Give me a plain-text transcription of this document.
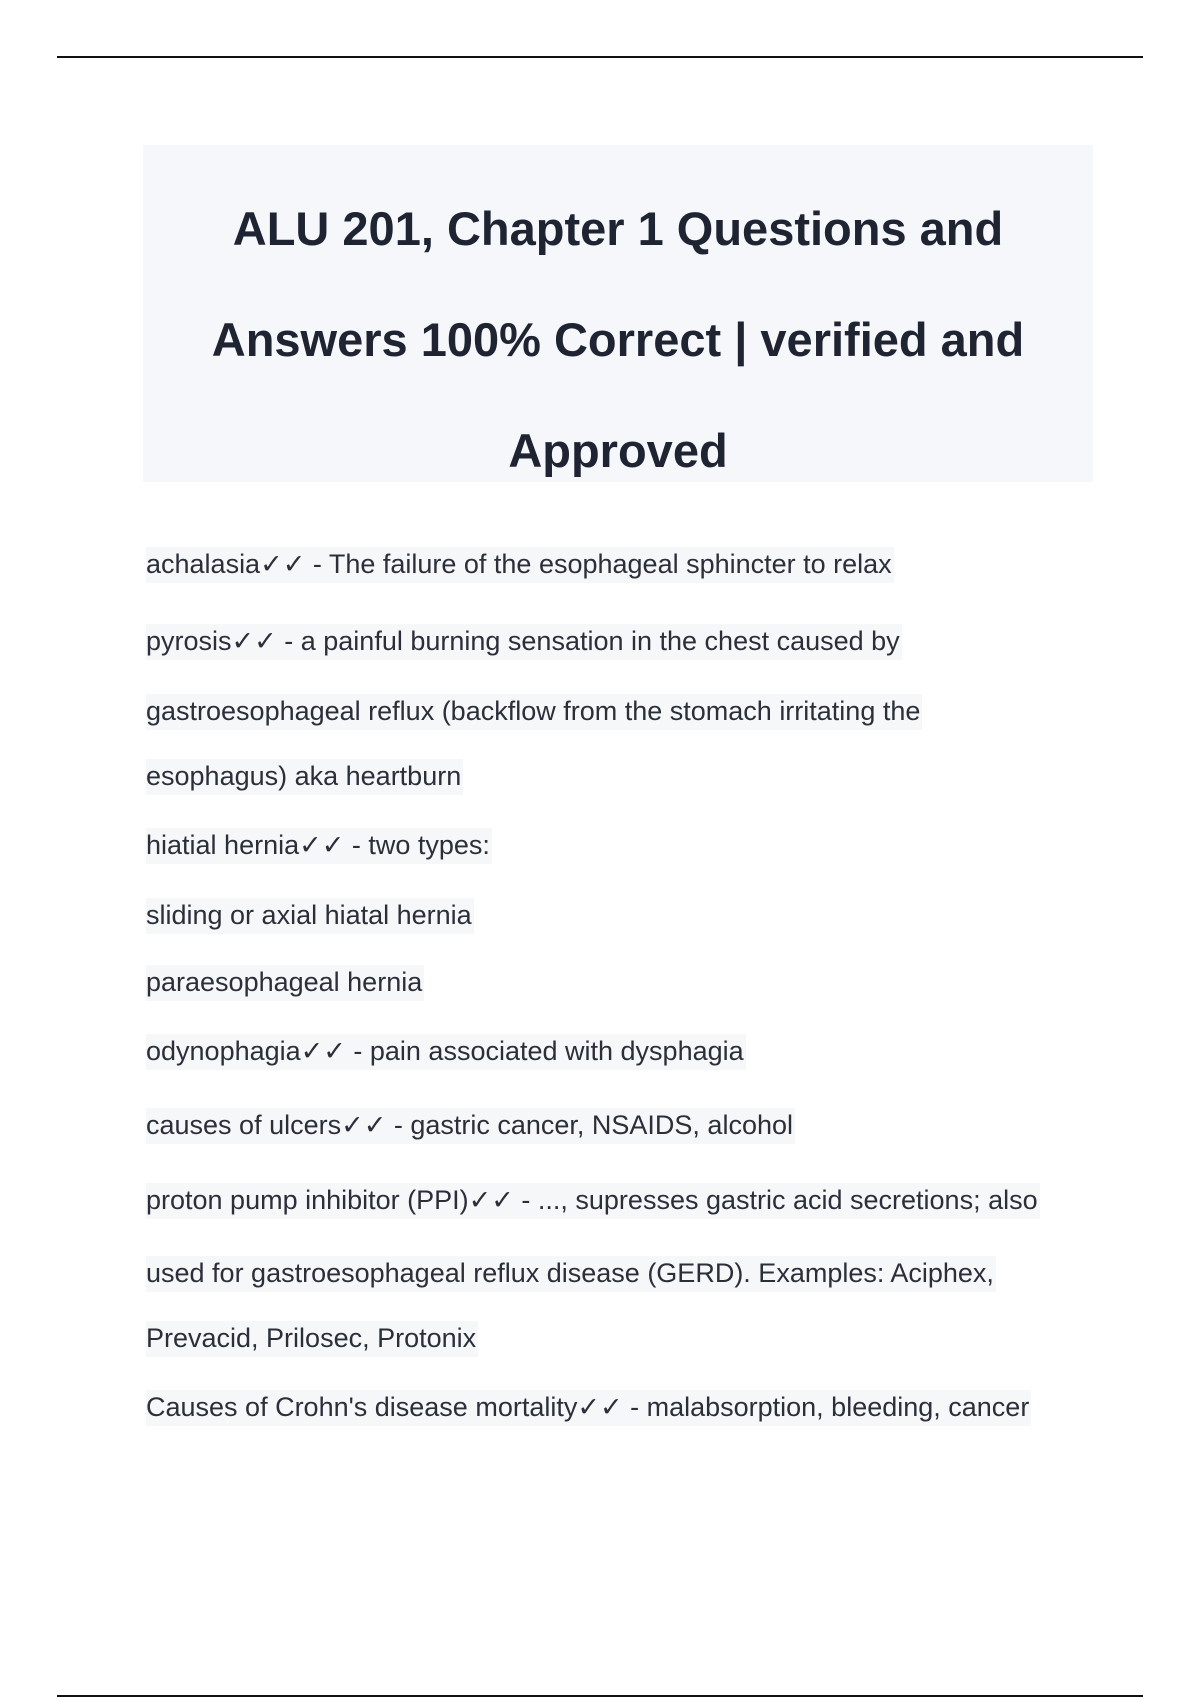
ALU 201, Chapter 1 Questions and
Answers 100% Correct | verified and
Approved
achalasia✓✓ - The failure of the esophageal sphincter to relax
pyrosis✓✓ - a painful burning sensation in the chest caused by
gastroesophageal reflux (backflow from the stomach irritating the
esophagus) aka heartburn
hiatial hernia✓✓ - two types:
sliding or axial hiatal hernia
paraesophageal hernia
odynophagia✓✓ - pain associated with dysphagia
causes of ulcers✓✓ - gastric cancer, NSAIDS, alcohol
proton pump inhibitor (PPI)✓✓ - ..., supresses gastric acid secretions; also
used for gastroesophageal reflux disease (GERD). Examples: Aciphex,
Prevacid, Prilosec, Protonix
Causes of Crohn's disease mortality✓✓ - malabsorption, bleeding, cancer
